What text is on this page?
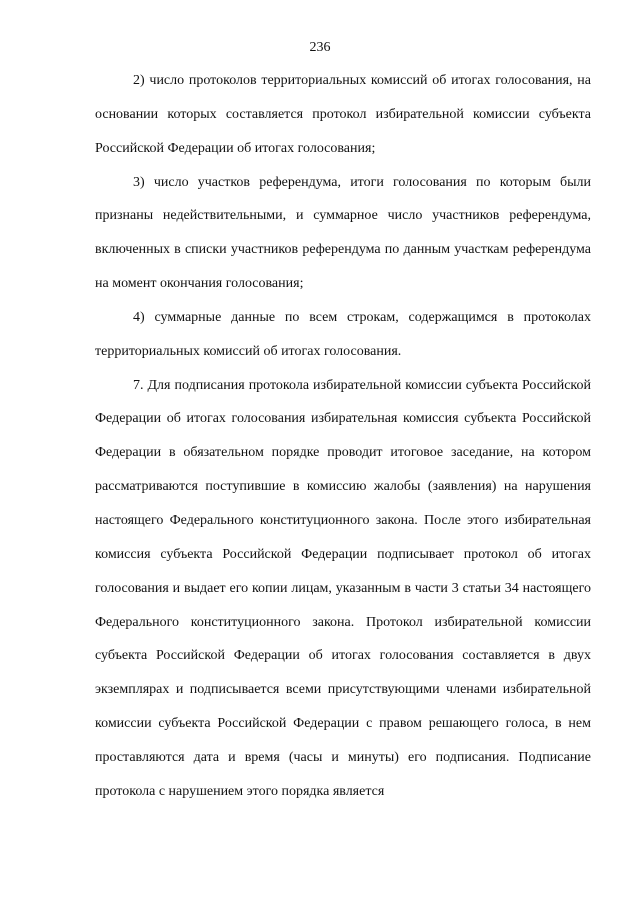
236

2) число протоколов территориальных комиссий об итогах голосования, на основании которых составляется протокол избирательной комиссии субъекта Российской Федерации об итогах голосования;

3) число участков референдума, итоги голосования по которым были признаны недействительными, и суммарное число участников референдума, включенных в списки участников референдума по данным участкам референдума на момент окончания голосования;

4) суммарные данные по всем строкам, содержащимся в протоколах территориальных комиссий об итогах голосования.

7. Для подписания протокола избирательной комиссии субъекта Российской Федерации об итогах голосования избирательная комиссия субъекта Российской Федерации в обязательном порядке проводит итоговое заседание, на котором рассматриваются поступившие в комиссию жалобы (заявления) на нарушения настоящего Федерального конституционного закона. После этого избирательная комиссия субъекта Российской Федерации подписывает протокол об итогах голосования и выдает его копии лицам, указанным в части 3 статьи 34 настоящего Федерального конституционного закона. Протокол избирательной комиссии субъекта Российской Федерации об итогах голосования составляется в двух экземплярах и подписывается всеми присутствующими членами избирательной комиссии субъекта Российской Федерации с правом решающего голоса, в нем проставляются дата и время (часы и минуты) его подписания. Подписание протокола с нарушением этого порядка является
